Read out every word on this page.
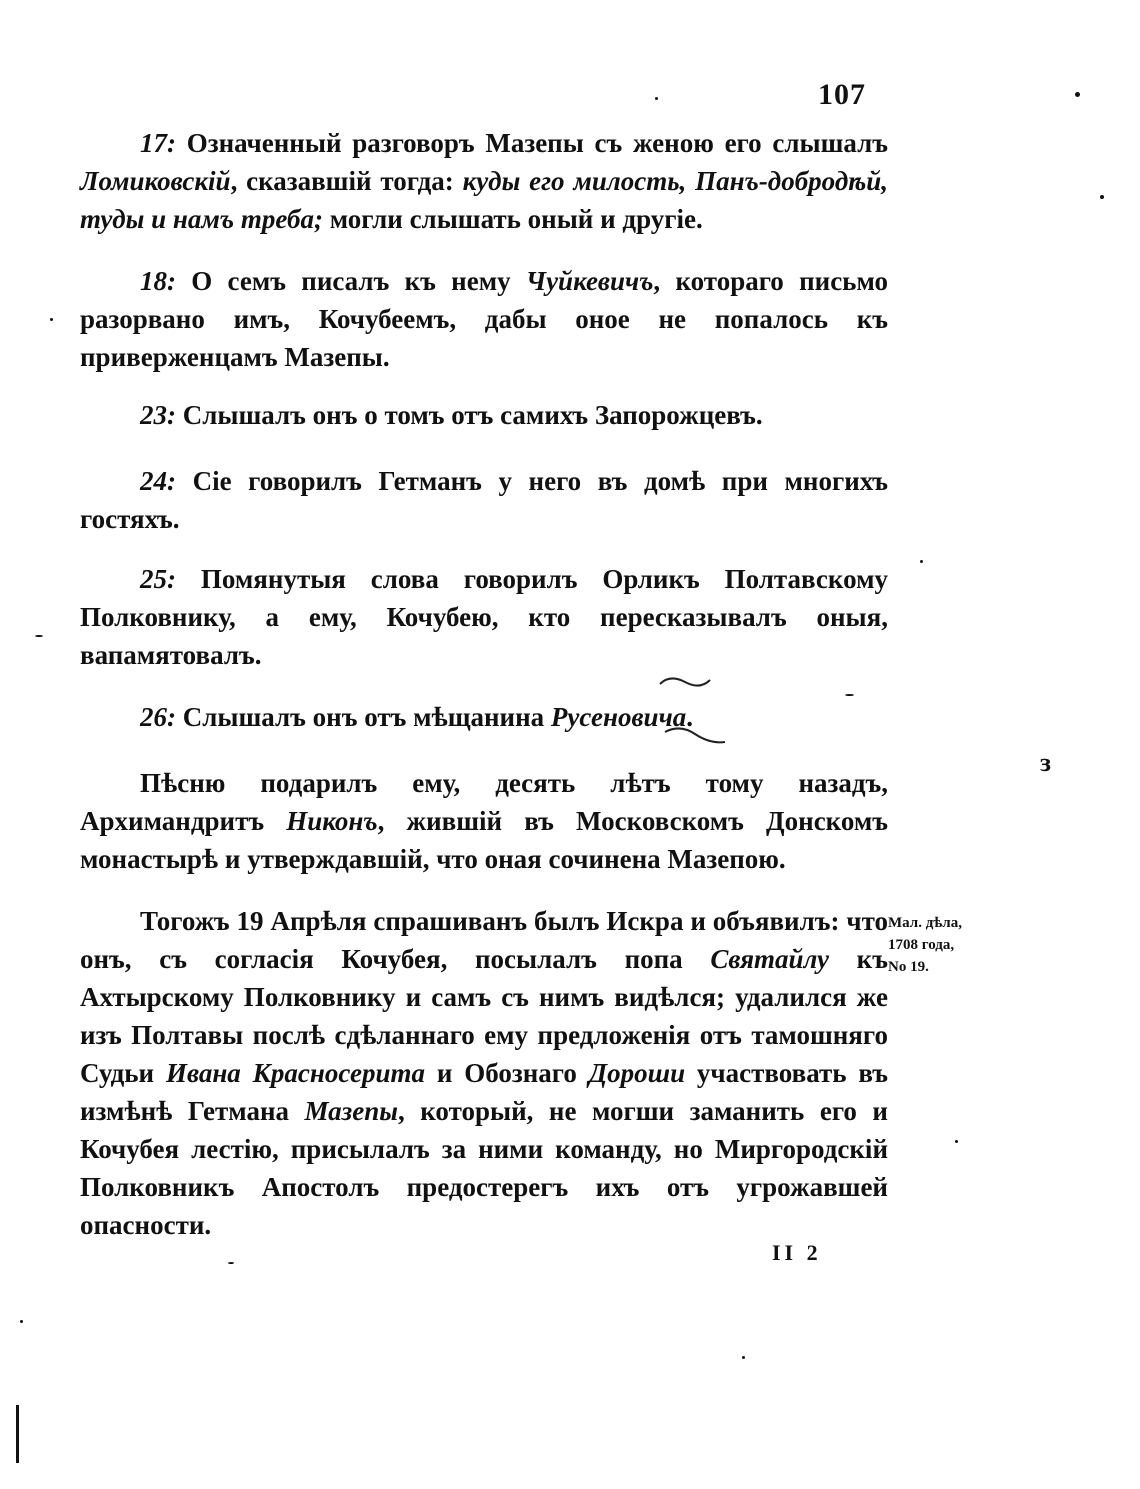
107

17: Означенный разговоръ Мазепы съ женою его слышалъ Ломиковскій, сказавшій тогда: куды его милость, Панъ-добродѣй, туды и намъ треба; могли слышать оный и другіе.

18: О семъ писалъ къ нему Чуйкевичъ, котораго письмо разорвано имъ, Кочубеемъ, дабы оное не попалось къ приверженцамъ Мазепы.

23: Слышалъ онъ о томъ отъ самихъ Запорожцевъ.

24: Сіе говорилъ Гетманъ у него въ домѣ при многихъ гостяхъ.

25: Помянутыя слова говорилъ Орликъ Полтавскому Полковнику, а ему, Кочубею, кто пересказывалъ оныя, вапамятовалъ.

26: Слышалъ онъ отъ мѣщанина Русеновича.

Пѣсню подарилъ ему, десять лѣтъ тому назадъ, Архимандритъ Никонъ, жившій въ Московскомъ Донскомъ монастырѣ и утверждавшій, что оная сочинена Мазепою.

Тогожъ 19 Апрѣля спрашиванъ былъ Искра и объявилъ: что онъ, съ согласія Кочубея, посылалъ попа Святайлу къ Ахтырскому Полковнику и самъ съ нимъ видѣлся; удалился же изъ Полтавы послѣ сдѣланнаго ему предложенія отъ тамошняго Судьи Ивана Красносерита и Обознаго Дороши участвовать въ измѣнѣ Гетмана Мазепы, который, не могши заманить его и Кочубея лестію, присылалъ за ними команду, но Миргородскій Полковникъ Апостолъ предостерегъ ихъ отъ угрожавшей опасности.

Мал. дѣла,
1708 года,
No 19.
II 2
ɜ
